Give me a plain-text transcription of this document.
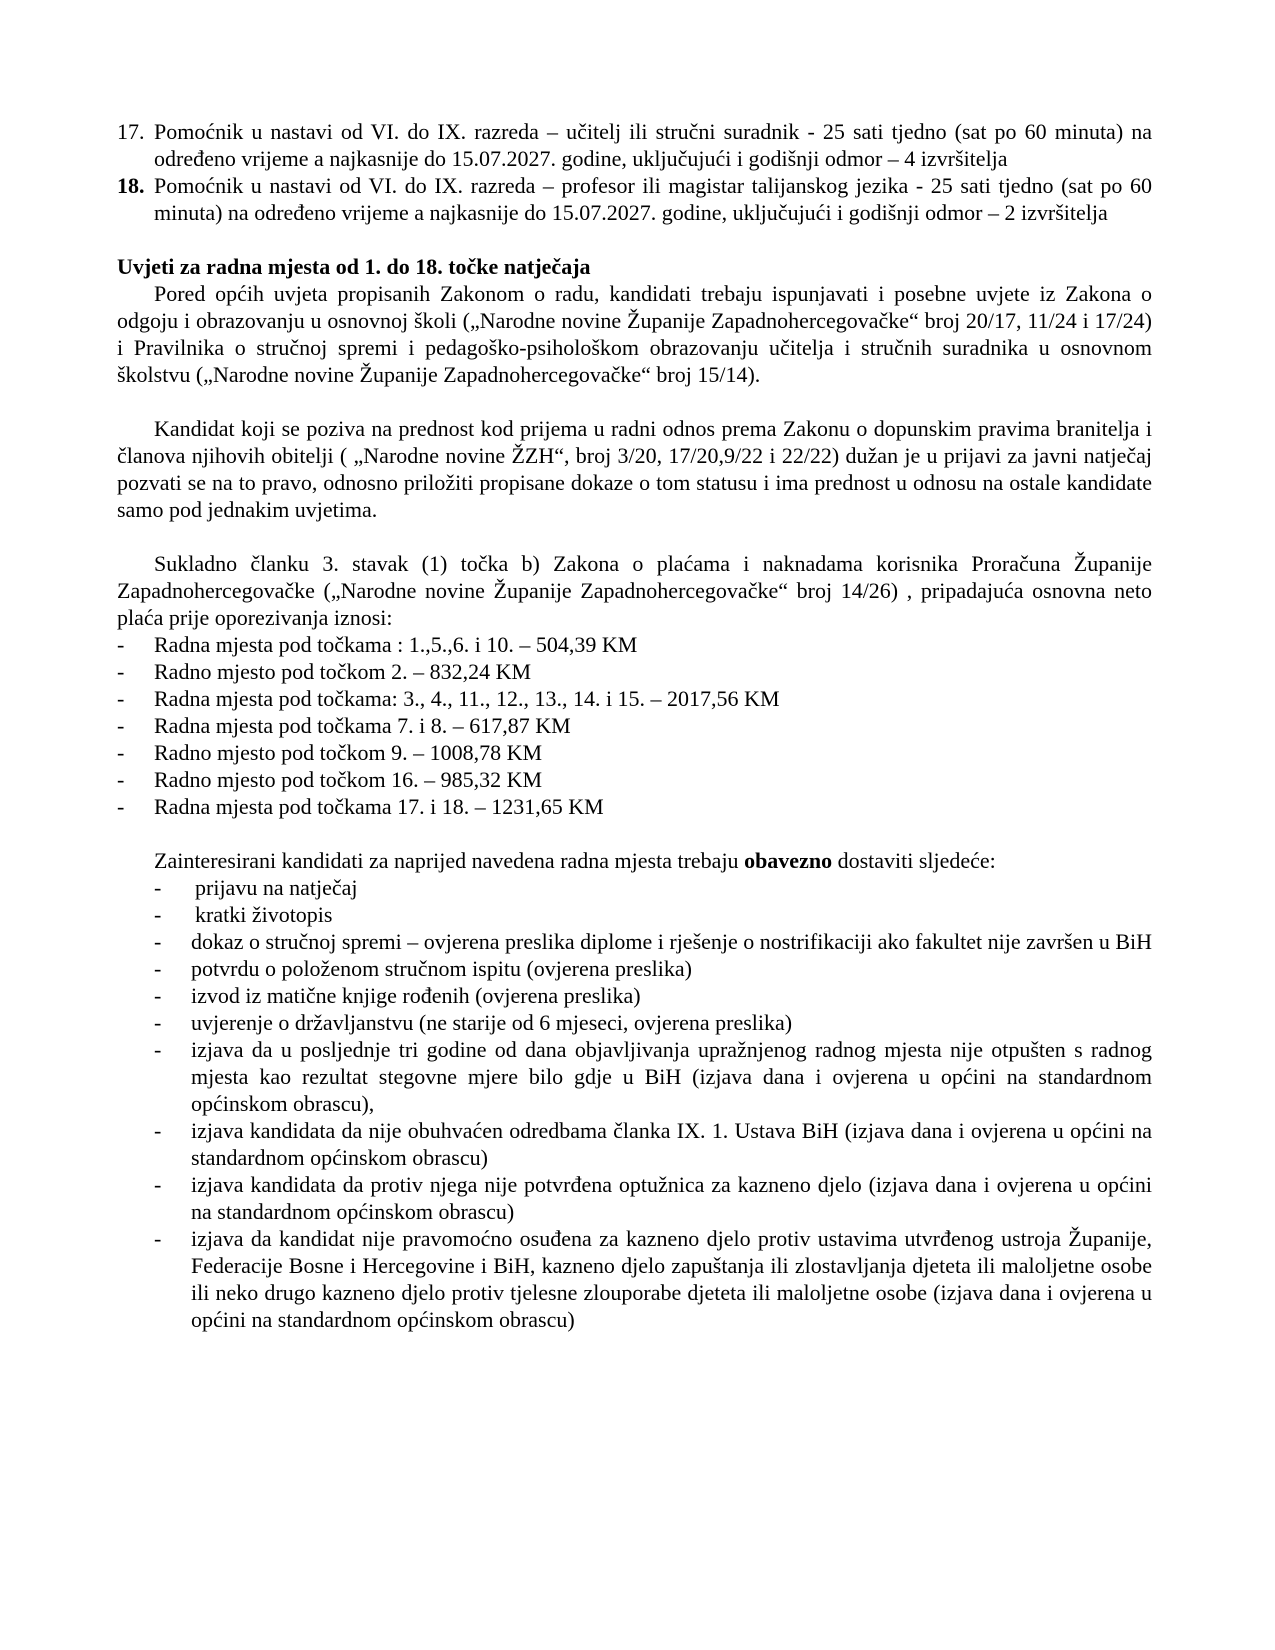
17. Pomoćnik u nastavi od VI. do IX. razreda – učitelj ili stručni suradnik - 25 sati tjedno (sat po 60 minuta) na određeno vrijeme a najkasnije do 15.07.2027. godine, uključujući i godišnji odmor – 4 izvršitelja
18. Pomoćnik u nastavi od VI. do IX. razreda – profesor ili magistar talijanskog jezika - 25 sati tjedno (sat po 60 minuta) na određeno vrijeme a najkasnije do 15.07.2027. godine, uključujući i godišnji odmor – 2 izvršitelja
Uvjeti za radna mjesta od 1. do 18. točke natječaja

Pored općih uvjeta propisanih Zakonom o radu, kandidati trebaju ispunjavati i posebne uvjete iz Zakona o odgoju i obrazovanju u osnovnoj školi („Narodne novine Županije Zapadnohercegovačke“ broj 20/17, 11/24 i 17/24) i Pravilnika o stručnoj spremi i pedagoško-psihološkom obrazovanju učitelja i stručnih suradnika u osnovnom školstvu („Narodne novine Županije Zapadnohercegovačke“ broj 15/14).

Kandidat koji se poziva na prednost kod prijema u radni odnos prema Zakonu o dopunskim pravima branitelja i članova njihovih obitelji ( „Narodne novine ŽZH“, broj 3/20, 17/20,9/22 i 22/22) dužan je u prijavi za javni natječaj pozvati se na to pravo, odnosno priložiti propisane dokaze o tom statusu i ima prednost u odnosu na ostale kandidate samo pod jednakim uvjetima.

Sukladno članku 3. stavak (1) točka b) Zakona o plaćama i naknadama korisnika Proračuna Županije Zapadnohercegovačke („Narodne novine Županije Zapadnohercegovačke“ broj 14/26) , pripadajuća osnovna neto plaća prije oporezivanja iznosi:

- Radna mjesta pod točkama : 1.,5.,6. i 10. – 504,39 KM
- Radno mjesto pod točkom 2. – 832,24 KM
- Radna mjesta pod točkama: 3., 4., 11., 12., 13., 14. i 15. – 2017,56 KM
- Radna mjesta pod točkama 7. i 8. – 617,87 KM
- Radno mjesto pod točkom 9. – 1008,78 KM
- Radno mjesto pod točkom 16. – 985,32 KM
- Radna mjesta pod točkama 17. i 18. – 1231,65 KM
Zainteresirani kandidati za naprijed navedena radna mjesta trebaju obavezno dostaviti sljedeće:
- prijavu na natječaj
- kratki životopis
- dokaz o stručnoj spremi – ovjerena preslika diplome i rješenje o nostrifikaciji ako fakultet nije završen u BiH
- potvrdu o položenom stručnom ispitu (ovjerena preslika)
- izvod iz matične knjige rođenih (ovjerena preslika)
- uvjerenje o državljanstvu (ne starije od 6 mjeseci, ovjerena preslika)
- izjava da u posljednje tri godine od dana objavljivanja upražnjenog radnog mjesta nije otpušten s radnog mjesta kao rezultat stegovne mjere bilo gdje u BiH (izjava dana i ovjerena u općini na standardnom općinskom obrascu),
- izjava kandidata da nije obuhvaćen odredbama članka IX. 1. Ustava BiH (izjava dana i ovjerena u općini na standardnom općinskom obrascu)
- izjava kandidata da protiv njega nije potvrđena optužnica za kazneno djelo (izjava dana i ovjerena u općini na standardnom općinskom obrascu)
- izjava da kandidat nije pravomoćno osuđena za kazneno djelo protiv ustavima utvrđenog ustroja Županije, Federacije Bosne i Hercegovine i BiH, kazneno djelo zapuštanja ili zlostavljanja djeteta ili maloljetne osobe ili neko drugo kazneno djelo protiv tjelesne zlouporabe djeteta ili maloljetne osobe (izjava dana i ovjerena u općini na standardnom općinskom obrascu)
